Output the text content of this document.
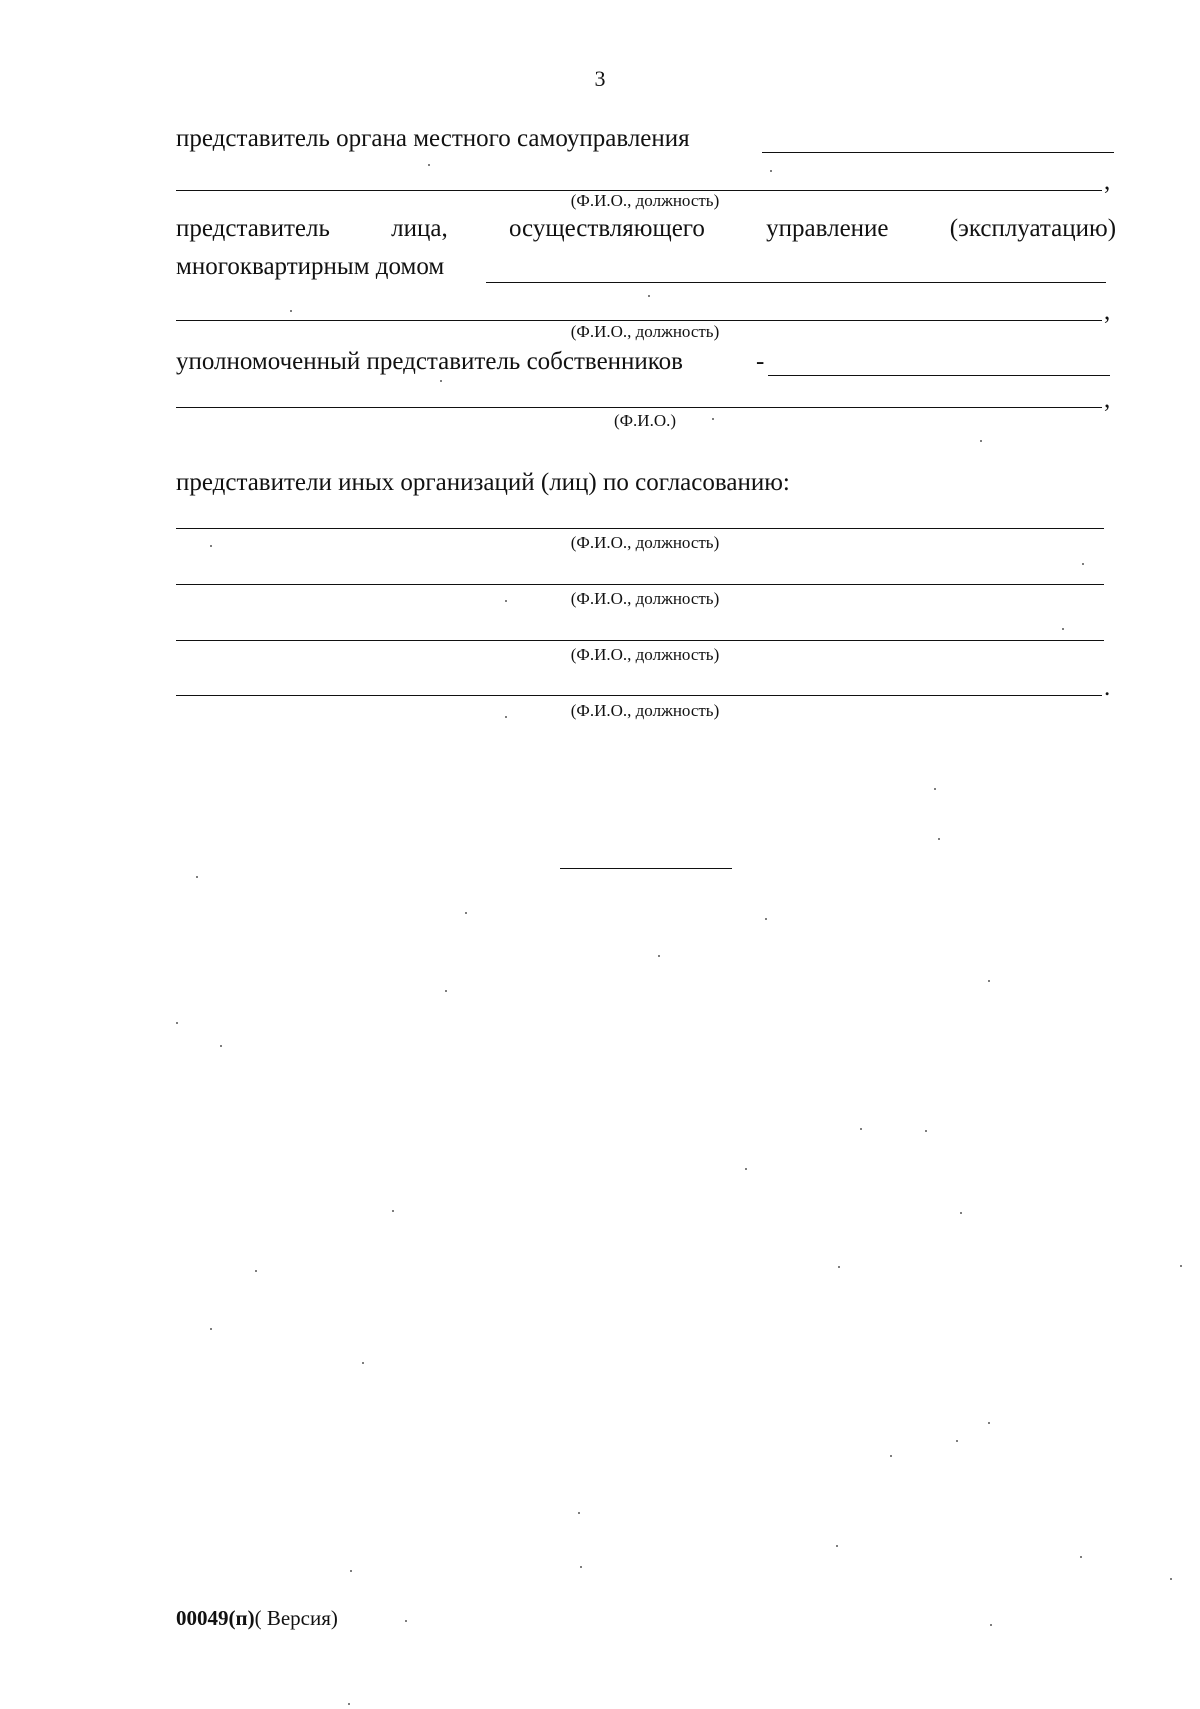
3
представитель органа местного самоуправления
,
(Ф.И.О., должность)
представитель лица, осуществляющего управление (эксплуатацию)
многоквартирным домом
,
(Ф.И.О., должность)
уполномоченный представитель собственников	-
,
(Ф.И.О.)
представители иных организаций (лиц) по согласованию:
(Ф.И.О., должность)
(Ф.И.О., должность)
(Ф.И.О., должность)
.
(Ф.И.О., должность)
00049(п)( Версия)
